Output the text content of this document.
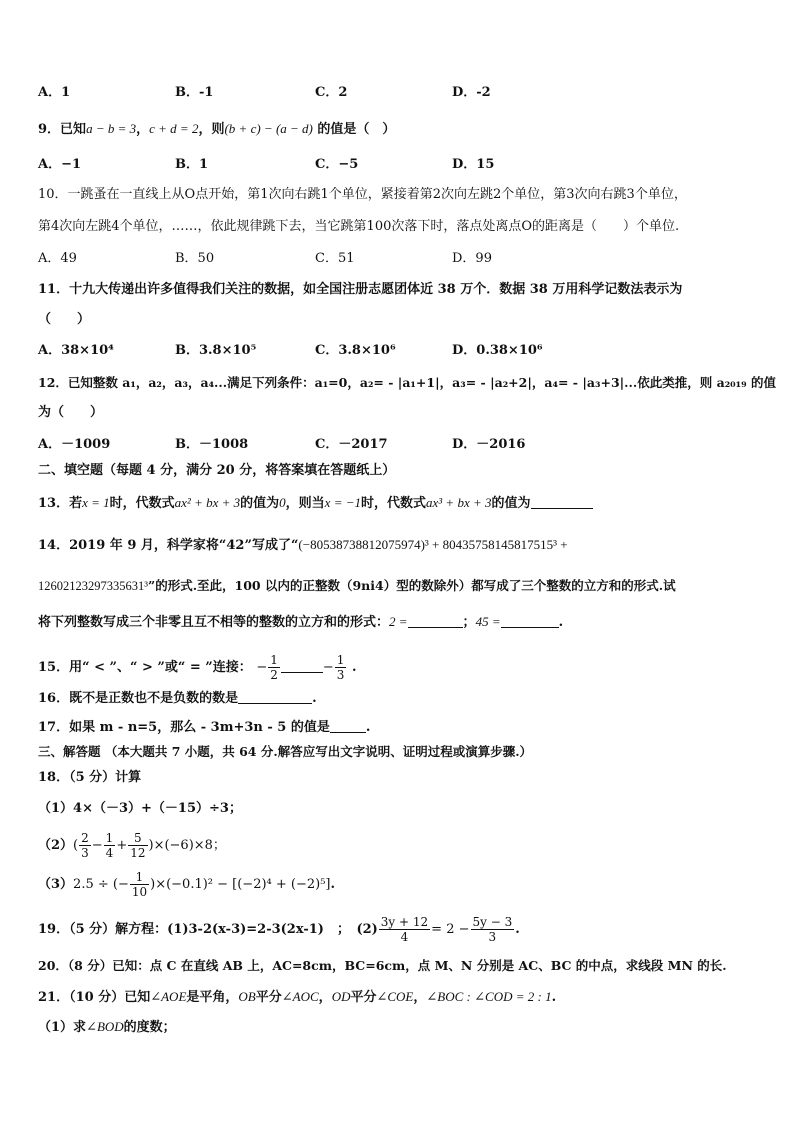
A．1	B．-1	C．2	D．-2
9．已知a − b = 3，c + d = 2，则(b + c) − (a − d) 的值是（　）
A．−1	B．1	C．−5	D．15
10．一跳蚤在一直线上从O点开始，第1次向右跳1个单位，紧接着第2次向左跳2个单位，第3次向右跳3个单位，
第4次向左跳4个单位，……，依此规律跳下去，当它跳第100次落下时，落点处离点O的距离是（　　）个单位.
A．49	B．50	C．51	D．99
11．十九大传递出许多值得我们关注的数据，如全国注册志愿团体近 38 万个．数据 38 万用科学记数法表示为
（　　）
A．38×10⁴	B．3.8×10⁵	C．3.8×10⁶	D．0.38×10⁶
12．已知整数 a₁，a₂，a₃，a₄...满足下列条件：a₁=0，a₂= - |a₁+1|，a₃= - |a₂+2|，a₄= - |a₃+3|...依此类推，则 a₂₀₁₉ 的值
为（　　）
A．－1009	B．－1008	C．－2017	D．－2016
二、填空题（每题 4 分，满分 20 分，将答案填在答题纸上）
13．若x = 1时，代数式ax² + bx + 3的值为0，则当x = −1时，代数式ax³ + bx + 3的值为
14．2019 年 9 月，科学家将“42”写成了“(−80538738812075974)³ + 80435758145817515³ +
12602123297335631³”的形式.至此，100 以内的正整数（9ni4）型的数除外）都写成了三个整数的立方和的形式.试
将下列整数写成三个非零且互不相等的整数的立方和的形式：2 =	；45 =	.
15．用“ < ”、“ > ”或“ = ”连接： − $\frac{1}{2}$	− $\frac{1}{3}$ .
16．既不是正数也不是负数的数是	.
17．如果 m - n=5，那么 - 3m+3n - 5 的值是	.
三、解答题 （本大题共 7 小题，共 64 分.解答应写出文字说明、证明过程或演算步骤.）
18．（5 分）计算
（1）4×（－3）+（－15）÷3；
$(2)( \frac{2}{3} - \frac{1}{4} + \frac{5}{12} )\times(-6)\times 8$；
（3）2.5 ÷ (− $\frac{1}{10} )\times(-0.1)^2 - [(-2)^4 + (-2)^5]$.
19．（5 分）解方程：(1)3-2(x-3)=2-3(2x-1)　；　$(2) \frac{3y + 12}{4} = 2 - \frac{5y - 3}{3}$ .
20．（8 分）已知：点 C 在直线 AB 上，AC=8cm，BC=6cm，点 M、N 分别是 AC、BC 的中点，求线段 MN 的长.
21．（10 分）已知∠AOE是平角，OB平分∠AOC，OD平分∠COE，∠BOC : ∠COD = 2 : 1.
（1）求∠BOD的度数；
